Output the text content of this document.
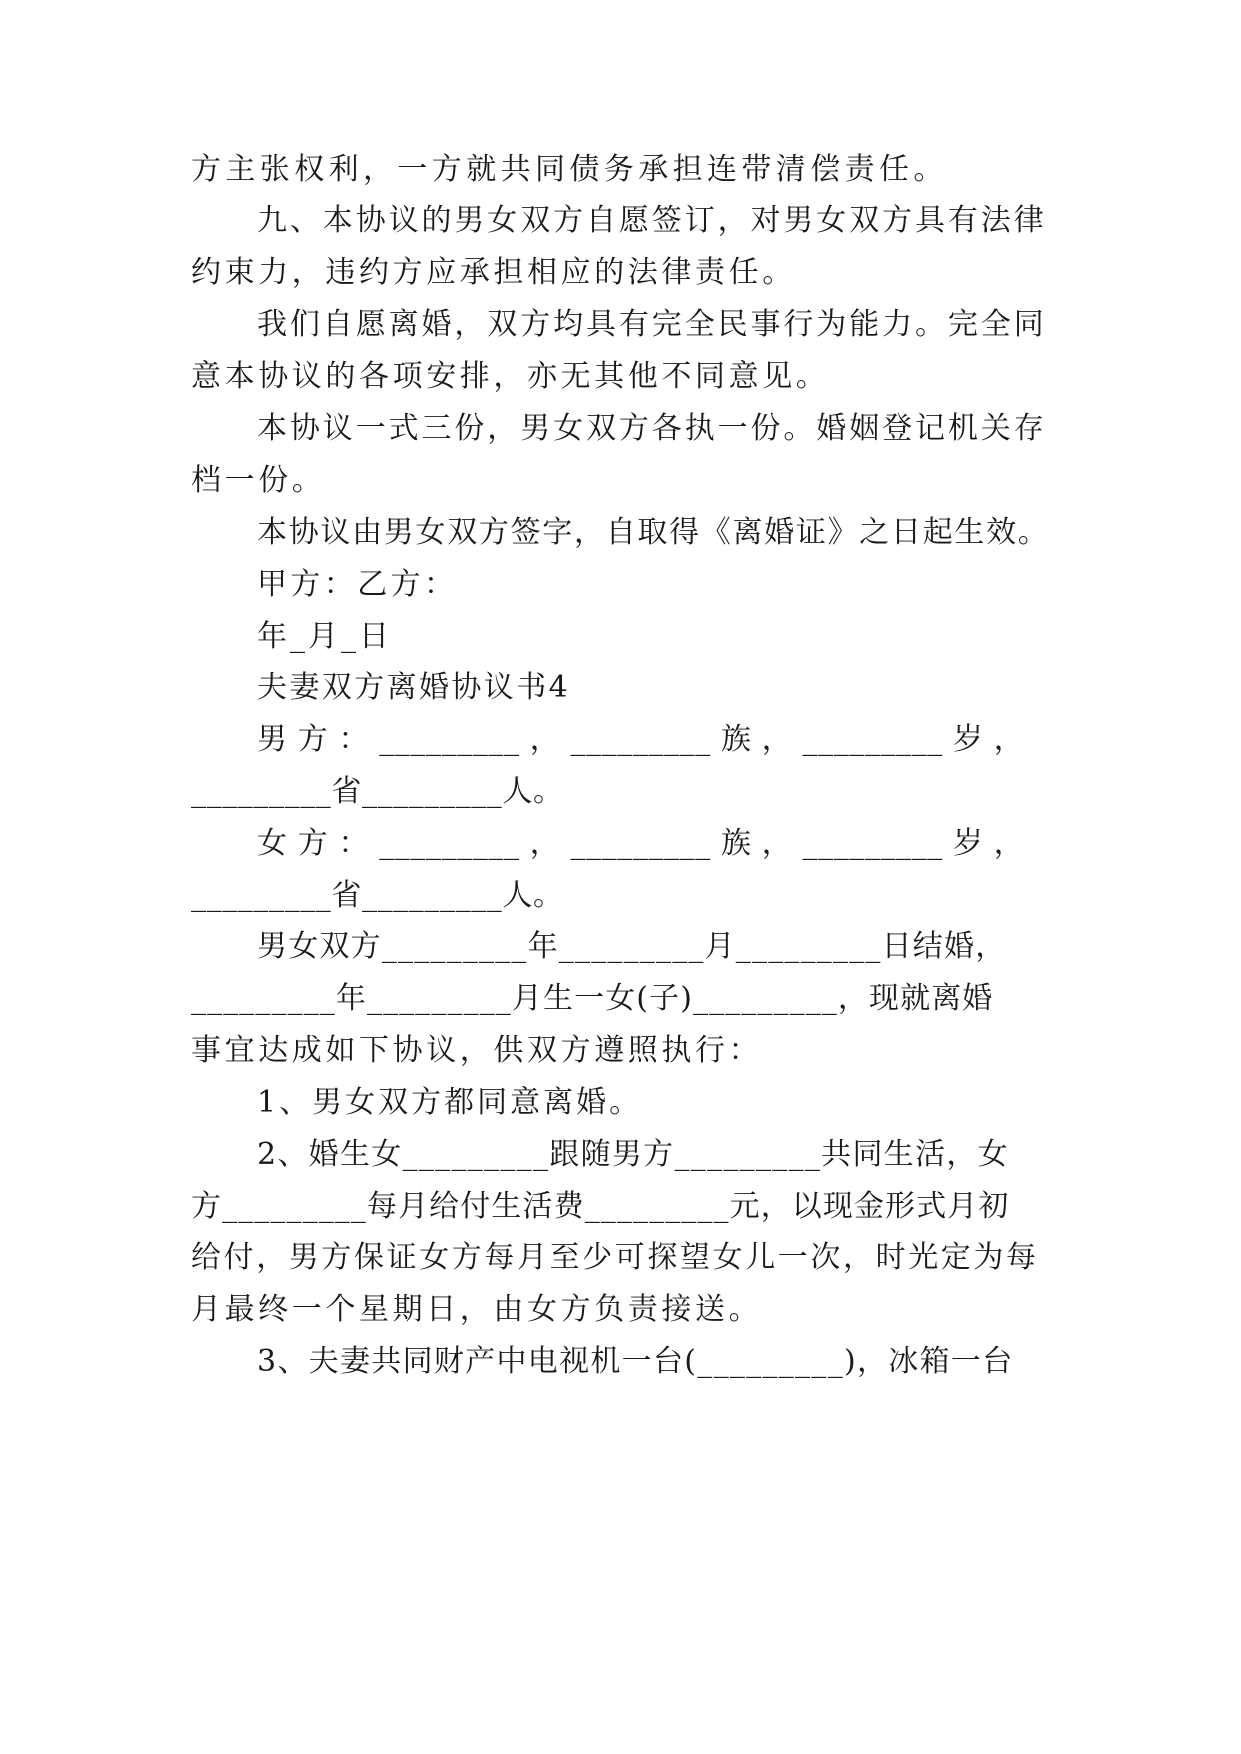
方主张权利，一方就共同债务承担连带清偿责任。
九、本协议的男女双方自愿签订，对男女双方具有法律
约束力，违约方应承担相应的法律责任。
我们自愿离婚，双方均具有完全民事行为能力。完全同
意本协议的各项安排，亦无其他不同意见。
本协议一式三份，男女双方各执一份。婚姻登记机关存
档一份。
本协议由男女双方签字，自取得《离婚证》之日起生效。
甲方：乙方：
年_月_日
夫妻双方离婚协议书4
男 方 ： _________ ， _________ 族 ， _________ 岁 ，
_________省_________人。
女 方 ： _________ ， _________ 族 ， _________ 岁 ，
_________省_________人。
男女双方_________年_________月_________日结婚，
_________年_________月生一女(子)_________，现就离婚
事宜达成如下协议，供双方遵照执行：
1、男女双方都同意离婚。
2、婚生女_________跟随男方_________共同生活，女
方_________每月给付生活费_________元，以现金形式月初
给付，男方保证女方每月至少可探望女儿一次，时光定为每
月最终一个星期日，由女方负责接送。
3、夫妻共同财产中电视机一台(_________)，冰箱一台
